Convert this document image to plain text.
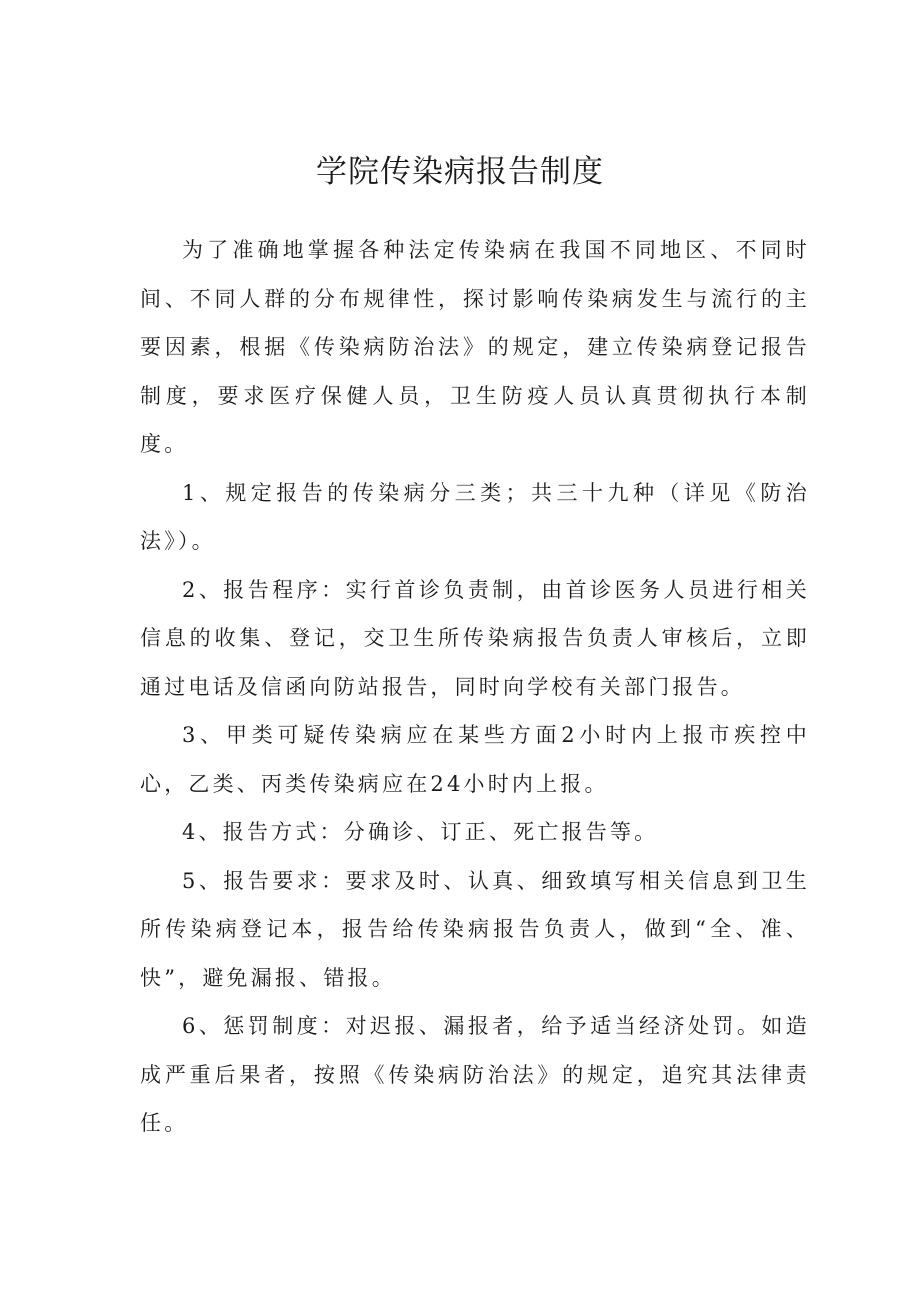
学院传染病报告制度

为了准确地掌握各种法定传染病在我国不同地区、不同时间、不同人群的分布规律性，探讨影响传染病发生与流行的主要因素，根据《传染病防治法》的规定，建立传染病登记报告制度，要求医疗保健人员，卫生防疫人员认真贯彻执行本制度。

1、规定报告的传染病分三类；共三十九种（详见《防治法》）。

2、报告程序：实行首诊负责制，由首诊医务人员进行相关信息的收集、登记，交卫生所传染病报告负责人审核后，立即通过电话及信函向防站报告，同时向学校有关部门报告。

3、甲类可疑传染病应在某些方面2小时内上报市疾控中心，乙类、丙类传染病应在24小时内上报。

4、报告方式：分确诊、订正、死亡报告等。

5、报告要求：要求及时、认真、细致填写相关信息到卫生所传染病登记本，报告给传染病报告负责人，做到“全、准、快”，避免漏报、错报。

6、惩罚制度：对迟报、漏报者，给予适当经济处罚。如造成严重后果者，按照《传染病防治法》的规定，追究其法律责任。
